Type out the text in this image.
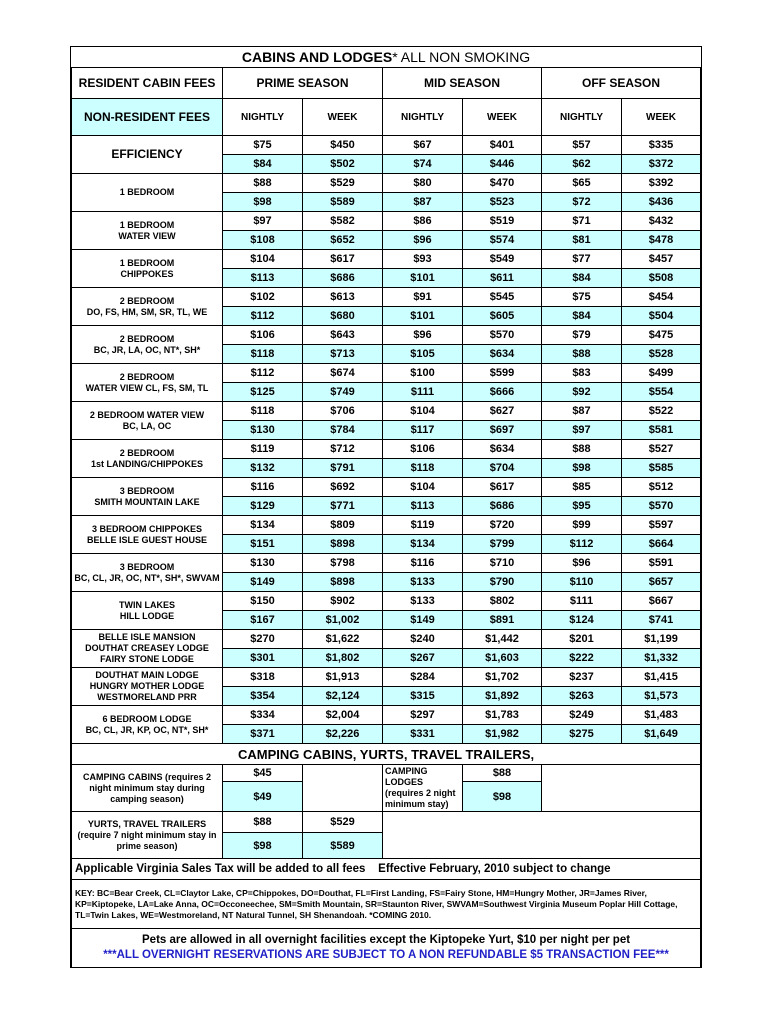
CABINS AND LODGES* ALL NON SMOKING						
RESIDENT CABIN FEES	PRIME SEASON		MID SEASON		OFF SEASON	
NON-RESIDENT FEES	NIGHTLY	WEEK	NIGHTLY	WEEK	NIGHTLY	WEEK

EFFICIENCY	$75	$450	$67	$401	$57	$335
	$84	$502	$74	$446	$62	$372

1 BEDROOM	$88	$529	$80	$470	$65	$392
	$98	$589	$87	$523	$72	$436

1 BEDROOM
WATER VIEW	$97	$582	$86	$519	$71	$432
	$108	$652	$96	$574	$81	$478

1 BEDROOM
CHIPPOKES	$104	$617	$93	$549	$77	$457
	$113	$686	$101	$611	$84	$508

2 BEDROOM
DO, FS, HM, SM, SR, TL, WE	$102	$613	$91	$545	$75	$454
	$112	$680	$101	$605	$84	$504

2 BEDROOM
BC, JR, LA, OC, NT*, SH*	$106	$643	$96	$570	$79	$475
	$118	$713	$105	$634	$88	$528

2 BEDROOM
WATER VIEW CL, FS, SM, TL	$112	$674	$100	$599	$83	$499
	$125	$749	$111	$666	$92	$554

2 BEDROOM WATER VIEW
BC, LA, OC	$118	$706	$104	$627	$87	$522
	$130	$784	$117	$697	$97	$581

2 BEDROOM
1st LANDING/CHIPPOKES	$119	$712	$106	$634	$88	$527
	$132	$791	$118	$704	$98	$585

3 BEDROOM
SMITH MOUNTAIN LAKE	$116	$692	$104	$617	$85	$512
	$129	$771	$113	$686	$95	$570

3 BEDROOM CHIPPOKES
BELLE ISLE GUEST HOUSE	$134	$809	$119	$720	$99	$597
	$151	$898	$134	$799	$112	$664

3 BEDROOM
BC, CL, JR, OC, NT*, SH*, SWVAM	$130	$798	$116	$710	$96	$591
	$149	$898	$133	$790	$110	$657

TWIN LAKES
HILL LODGE	$150	$902	$133	$802	$111	$667
	$167	$1,002	$149	$891	$124	$741

BELLE ISLE MANSION
DOUTHAT CREASEY LODGE
FAIRY STONE LODGE	$270	$1,622	$240	$1,442	$201	$1,199
	$301	$1,802	$267	$1,603	$222	$1,332

DOUTHAT MAIN LODGE
HUNGRY MOTHER LODGE
WESTMORELAND PRR	$318	$1,913	$284	$1,702	$237	$1,415
	$354	$2,124	$315	$1,892	$263	$1,573

6 BEDROOM LODGE
BC, CL, JR, KP, OC, NT*, SH*	$334	$2,004	$297	$1,783	$249	$1,483
	$371	$2,226	$331	$1,982	$275	$1,649
CAMPING CABINS, YURTS, TRAVEL TRAILERS,					
CAMPING CABINS (requires 2 night minimum stay during camping season)	$45		CAMPING LODGES (requires 2 night minimum stay)	$88	
	$49			$98	
YURTS, TRAVEL TRAILERS (require 7 night minimum stay in prime season)	$88	$529			
	$98	$589			
Applicable Virginia Sales Tax will be added to all fees    Effective February, 2010 subject to change					
KEY: BC=Bear Creek, CL=Claytor Lake, CP=Chippokes, DO=Douthat, FL=First Landing, FS=Fairy Stone, HM=Hungry Mother, JR=James River, KP=Kiptopeke, LA=Lake Anna, OC=Occoneechee, SM=Smith Mountain, SR=Staunton River, SWVAM=Southwest Virginia Museum Poplar Hill Cottage, TL=Twin Lakes, WE=Westmoreland, NT Natural Tunnel, SH Shenandoah. *COMING 2010.					

Pets are allowed in all overnight facilities except the Kiptopeke Yurt, $10 per night per pet
***ALL OVERNIGHT RESERVATIONS ARE SUBJECT TO A NON REFUNDABLE $5 TRANSACTION FEE***					
